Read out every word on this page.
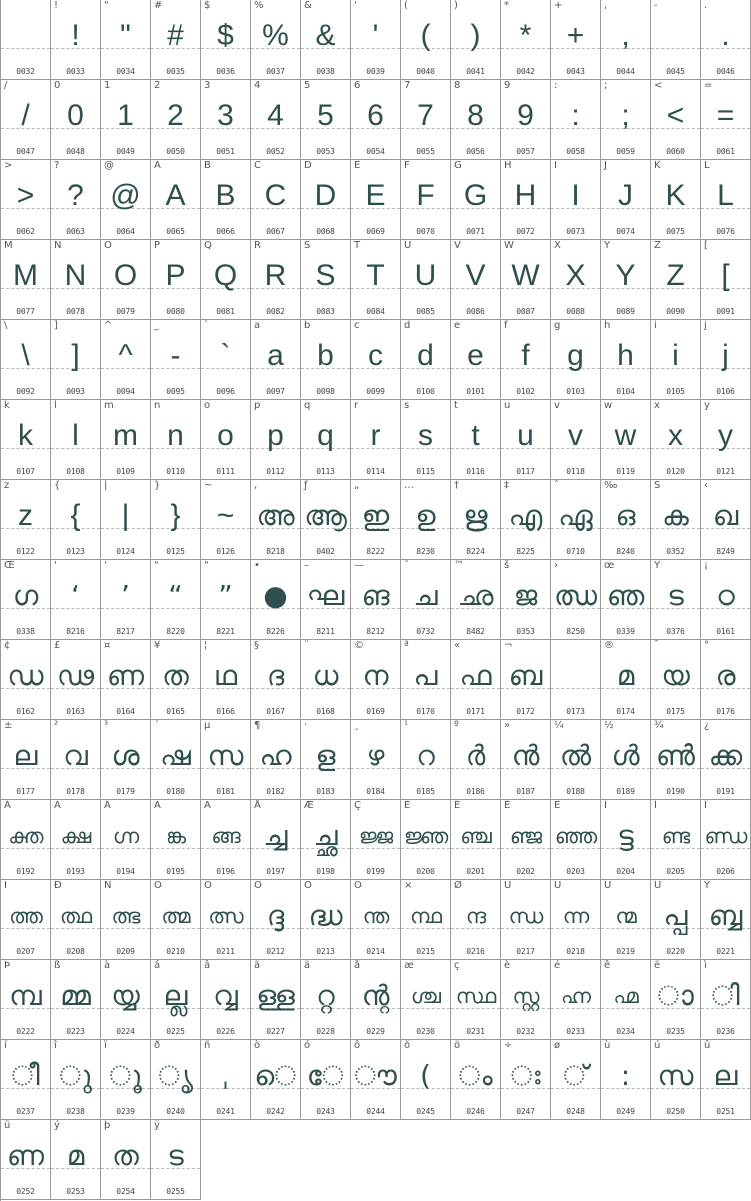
0032
!
!
0033
"
"
0034
#
#
0035
$
$
0036
%
%
0037
&
&
0038
'
'
0039
(
(
0040
)
)
0041
*
*
0042
+
+
0043
,
,
0044
-
0045
.
.
0046
/
/
0047
0
0
0048
1
1
0049
2
2
0050
3
3
0051
4
4
0052
5
5
0053
6
6
0054
7
7
0055
8
8
0056
9
9
0057
:
:
0058
;
;
0059
<
<
0060
=
=
0061
>
>
0062
?
?
0063
@
@
0064
A
A
0065
B
B
0066
C
C
0067
D
D
0068
E
E
0069
F
F
0070
G
G
0071
H
H
0072
I
I
0073
J
J
0074
K
K
0075
L
L
0076
M
M
0077
N
N
0078
O
O
0079
P
P
0080
Q
Q
0081
R
R
0082
S
S
0083
T
T
0084
U
U
0085
V
V
0086
W
W
0087
X
X
0088
Y
Y
0089
Z
Z
0090
[
[
0091
\
\
0092
]
]
0093
^
^
0094
_
-
0095
`
`
0096
a
a
0097
b
b
0098
c
c
0099
d
d
0100
e
e
0101
f
f
0102
g
g
0103
h
h
0104
i
i
0105
j
j
0106
k
k
0107
l
l
0108
m
m
0109
n
n
0110
o
o
0111
p
p
0112
q
q
0113
r
r
0114
s
s
0115
t
t
0116
u
u
0117
v
v
0118
w
w
0119
x
x
0120
y
y
0121
z
z
0122
{
{
0123
|
|
0124
}
}
0125
~
~
0126
,
അ
8218
ƒ
ആ
0402
„
ഇ
8222
…
ഉ
8230
†
ഋ
8224
‡
എ
8225
ˆ
ഏ
0710
‰
ഒ
8240
Š
ക
0352
‹
ഖ
8249
Œ
ഗ
0338
'
‘
8216
'
’
8217
"
“
8220
"
”
8221
•
●
8226
–
ഘ
8211
—
ങ
8212
˜
ച
0732
™
ഛ
8482
š
ജ
0353
›
ഝ
8250
œ
ഞ
0339
Ÿ
ട
0376
¡
ഠ
0161
¢
ഡ
0162
£
ഢ
0163
¤
ണ
0164
¥
ത
0165
¦
ഥ
0166
§
ദ
0167
¨
ധ
0168
©
ന
0169
ª
പ
0170
«
ഫ
0171
¬
ബ
0172	0173
®
മ
0174
¯
യ
0175
°
ര
0176
±
ല
0177
²
വ
0178
³
ശ
0179
´
ഷ
0180
µ
സ
0181
¶
ഹ
0182
·
ള
0183
¸
ഴ
0184
¹
റ
0185
º
ർ
0186
»
ൻ
0187
¼
ൽ
0188
½
ൾ
0189
¾
ൺ
0190
¿
ക്ക
0191
À
ക്ത
0192
Á
ക്ഷ
0193
Â
ഗ്ന
0194
Ã
ങ്ക
0195
Ä
ങ്ങ
0196
Å
ച്ച
0197
Æ
ച്ഛ
0198
Ç
ജ്ജ
0199
È
ജ്ഞ
0200
É
ഞ്ച
0201
Ê
ഞ്ജ
0202
Ë
ഞ്ഞ
0203
Ì
ട്ട
0204
Í
ണ്ട
0205
Î
ണ്ഡ
0206
Ï
ത്ത
0207
Ð
ത്ഥ
0208
Ñ
ത്ഭ
0209
Ò
ത്മ
0210
Ó
ത്സ
0211
Ô
ദ്ദ
0212
Õ
ദ്ധ
0213
Ö
ന്ത
0214
×
ന്ഥ
0215
Ø
ന്ദ
0216
Ù
ന്ധ
0217
Ú
ന്ന
0218
Û
ന്മ
0219
Ü
പ്പ
0220
Ý
ബ്ബ
0221
Þ
മ്പ
0222
ß
മ്മ
0223
à
യ്യ
0224
á
ല്ല
0225
â
വ്വ
0226
ã
ള്ള
0227
ä
റ്റ
0228
å
ന്റ
0229
æ
ശ്ച
0230
ç
സ്ഥ
0231
è
സ്റ്റ
0232
é
ഹ്ന
0233
ê
ഹ്മ
0234
ë
ാ
0235
ì
ി
0236
í
ീ
0237
î
ു
0238
ï
ൂ
0239
ð
ൃ
0240
ñ
ˌ
0241
ò
െ
0242
ó
േ
0243
ô
ൗ
0244
õ
(
0245
ö
ം
0246
÷
ഃ
0247
ø
്
0248
ù
:
0249
ú
സ
0250
û
ല
0251
ü
ണ
0252
ý
മ
0253
þ
ത
0254
ÿ
ട
0255
